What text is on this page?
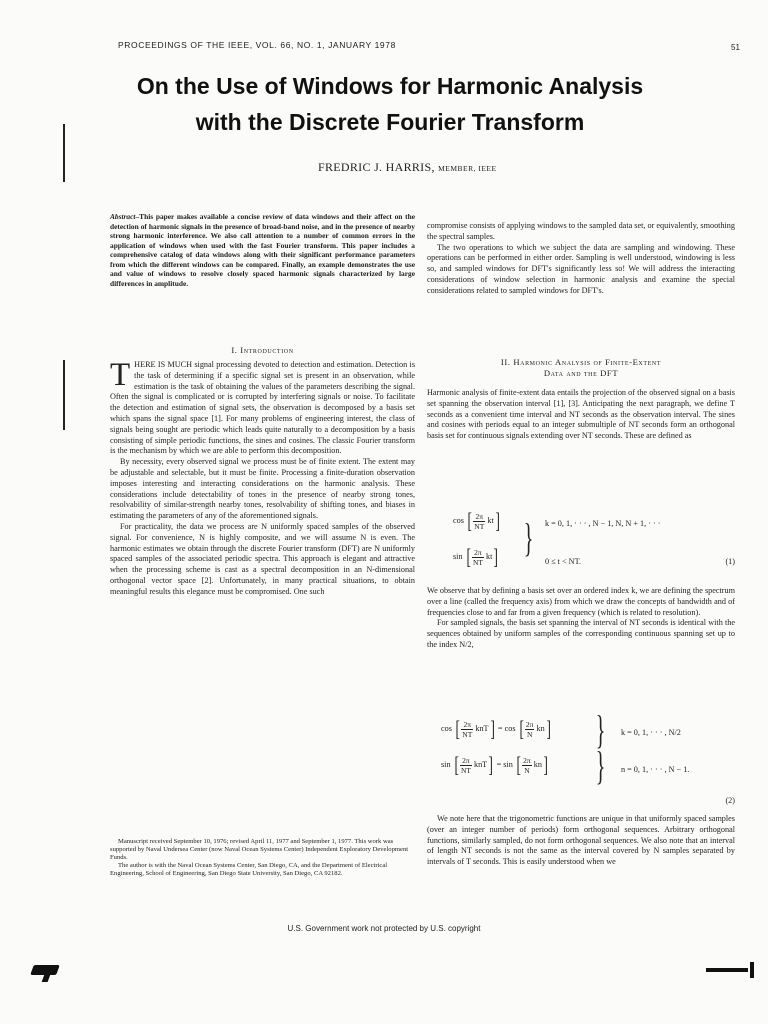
PROCEEDINGS OF THE IEEE, VOL. 66, NO. 1, JANUARY 1978	51
On the Use of Windows for Harmonic Analysis
with the Discrete Fourier Transform
FREDRIC J. HARRIS, MEMBER, IEEE
Abstract–This paper makes available a concise review of data windows and their affect on the detection of harmonic signals in the presence of broad-band noise, and in the presence of nearby strong harmonic interference. We also call attention to a number of common errors in the application of windows when used with the fast Fourier transform. This paper includes a comprehensive catalog of data windows along with their significant performance parameters from which the different windows can be compared. Finally, an example demonstrates the use and value of windows to resolve closely spaced harmonic signals characterized by large differences in amplitude.
I. Introduction

THERE IS MUCH signal processing devoted to detection and estimation. Detection is the task of determining if a specific signal set is present in an observation, while estimation is the task of obtaining the values of the parameters describing the signal. Often the signal is complicated or is corrupted by interfering signals or noise. To facilitate the detection and estimation of signal sets, the observation is decomposed by a basis set which spans the signal space [1]. For many problems of engineering interest, the class of signals being sought are periodic which leads quite naturally to a decomposition by a basis consisting of simple periodic functions, the sines and cosines. The classic Fourier transform is the mechanism by which we are able to perform this decomposition.

By necessity, every observed signal we process must be of finite extent. The extent may be adjustable and selectable, but it must be finite. Processing a finite-duration observation imposes interesting and interacting considerations on the harmonic analysis. These considerations include detectability of tones in the presence of nearby strong tones, resolvability of similar-strength nearby tones, resolvability of shifting tones, and biases in estimating the parameters of any of the aforementioned signals.

For practicality, the data we process are N uniformly spaced samples of the observed signal. For convenience, N is highly composite, and we will assume N is even. The harmonic estimates we obtain through the discrete Fourier transform (DFT) are N uniformly spaced samples of the associated periodic spectra. This approach is elegant and attractive when the processing scheme is cast as a spectral decomposition in an N-dimensional orthogonal vector space [2]. Unfortunately, in many practical situations, to obtain meaningful results this elegance must be compromised. One such

Manuscript received September 10, 1976; revised April 11, 1977 and September 1, 1977. This work was supported by Naval Undersea Center (now Naval Ocean Systems Center) Independent Exploratory Development Funds.

The author is with the Naval Ocean Systems Center, San Diego, CA, and the Department of Electrical Engineering, School of Engineering, San Diego State University, San Diego, CA 92182.

compromise consists of applying windows to the sampled data set, or equivalently, smoothing the spectral samples.

The two operations to which we subject the data are sampling and windowing. These operations can be performed in either order. Sampling is well understood, windowing is less so, and sampled windows for DFT's significantly less so! We will address the interacting considerations of window selection in harmonic analysis and examine the special considerations related to sampled windows for DFT's.

II. Harmonic Analysis of Finite-Extent
Data and the DFT

Harmonic analysis of finite-extent data entails the projection of the observed signal on a basis set spanning the observation interval [1], [3]. Anticipating the next paragraph, we define T seconds as a convenient time interval and NT seconds as the observation interval. The sines and cosines with periods equal to an integer submultiple of NT seconds form an orthogonal basis set for continuous signals extending over NT seconds. These are defined as

cos [ $\frac{2\pi}{NT} kt$]
sin [ $\frac{2\pi}{NT} kt$] } k = 0, 1, · · · , N − 1, N, N + 1, · · ·
0 ≤ t < NT.	(1)

We observe that by defining a basis set over an ordered index k, we are defining the spectrum over a line (called the frequency axis) from which we draw the concepts of bandwidth and of frequencies close to and far from a given frequency (which is related to resolution).

For sampled signals, the basis set spanning the interval of NT seconds is identical with the sequences obtained by uniform samples of the corresponding continuous spanning set up to the index N/2,

cos [ $\frac{2\pi}{NT} knT] = \cos$ [ $\frac{2\pi}{N} kn$]
sin [ $\frac{2\pi}{NT} knT] = \sin$ [ $\frac{2\pi}{N} kn$]
}
}
k = 0, 1, · · · , N/2
n = 0, 1, · · · , N − 1.
(2)

We note here that the trigonometric functions are unique in that uniformly spaced samples (over an integer number of periods) form orthogonal sequences. Arbitrary orthogonal functions, similarly sampled, do not form orthogonal sequences. We also note that an interval of length NT seconds is not the same as the interval covered by N samples separated by intervals of T seconds. This is easily understood when we

U.S. Government work not protected by U.S. copyright
